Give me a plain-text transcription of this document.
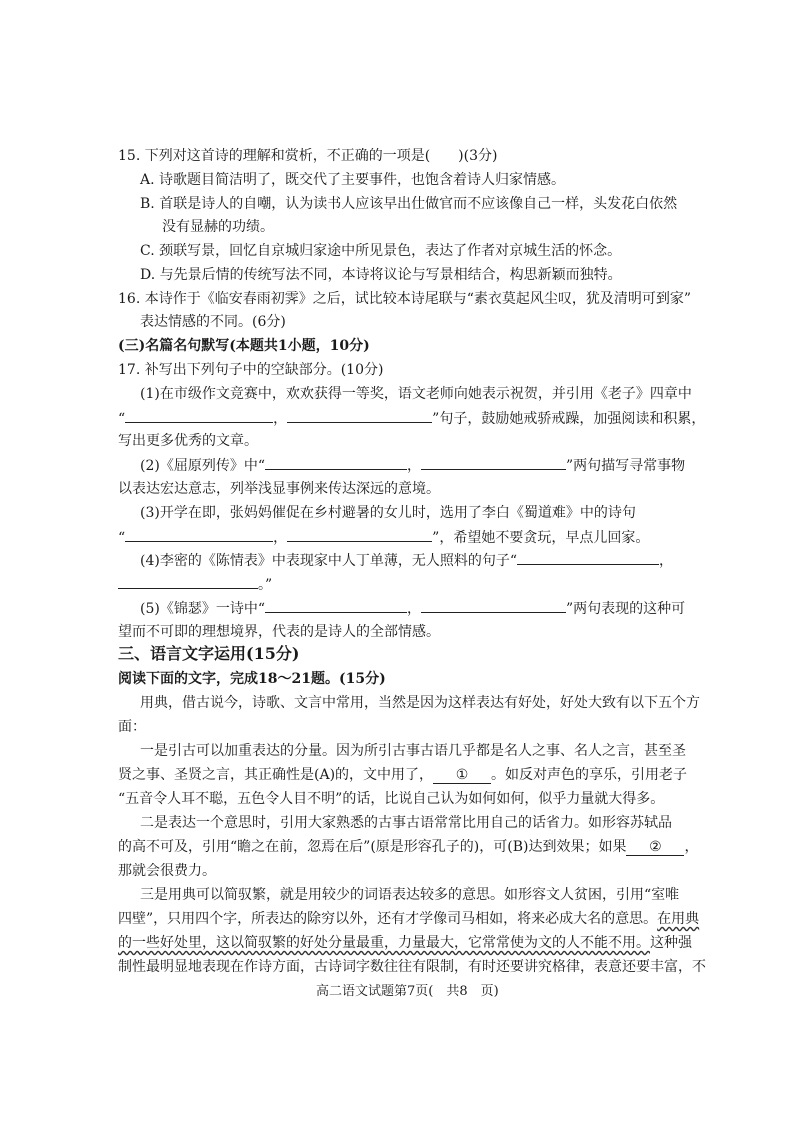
15. 下列对这首诗的理解和赏析，不正确的一项是(　　)(3分)
A. 诗歌题目简洁明了，既交代了主要事件，也饱含着诗人归家情感。
B. 首联是诗人的自嘲，认为读书人应该早出仕做官而不应该像自己一样，头发花白依然
没有显赫的功绩。
C. 颈联写景，回忆自京城归家途中所见景色，表达了作者对京城生活的怀念。
D. 与先景后情的传统写法不同，本诗将议论与写景相结合，构思新颖而独特。
16. 本诗作于《临安春雨初霁》之后，试比较本诗尾联与“素衣莫起风尘叹，犹及清明可到家”
表达情感的不同。(6分)
(三)名篇名句默写(本题共1小题，10分)
17. 补写出下列句子中的空缺部分。(10分)
(1)在市级作文竞赛中，欢欢获得一等奖，语文老师向她表示祝贺，并引用《老子》四章中
“	，	”句子，鼓励她戒骄戒躁，加强阅读和积累，
写出更多优秀的文章。
(2)《屈原列传》中“	，	”两句描写寻常事物
以表达宏达意志，列举浅显事例来传达深远的意境。
(3)开学在即，张妈妈催促在乡村避暑的女儿时，选用了李白《蜀道难》中的诗句
“	，	”，希望她不要贪玩，早点儿回家。
(4)李密的《陈情表》中表现家中人丁单薄，无人照料的句子“	，
。”
(5)《锦瑟》一诗中“	，	”两句表现的这种可
望而不可即的理想境界，代表的是诗人的全部情感。
三、语言文字运用(15分)
阅读下面的文字，完成18～21题。(15分)
用典，借古说今，诗歌、文言中常用，当然是因为这样表达有好处，好处大致有以下五个方
面：
一是引古可以加重表达的分量。因为所引古事古语几乎都是名人之事、名人之言，甚至圣
贤之事、圣贤之言，其正确性是(A)的，文中用了， ① 。如反对声色的享乐，引用老子
“五音令人耳不聪，五色令人目不明”的话，比说自己认为如何如何，似乎力量就大得多。
二是表达一个意思时，引用大家熟悉的古事古语常常比用自己的话省力。如形容苏轼品
的高不可及，引用“瞻之在前，忽焉在后”(原是形容孔子的)，可(B)达到效果；如果 ② ，
那就会很费力。
三是用典可以简驭繁，就是用较少的词语表达较多的意思。如形容文人贫困，引用“室唯
四壁”，只用四个字，所表达的除穷以外，还有才学像司马相如，将来必成大名的意思。在用典
的一些好处里，这以简驭繁的好处分量最重，力量最大，它常常使为文的人不能不用。这种强
制性最明显地表现在作诗方面，古诗词字数往往有限制，有时还要讲究格律，表意还要丰富，不
高二语文试题第7页(　共8　页)
